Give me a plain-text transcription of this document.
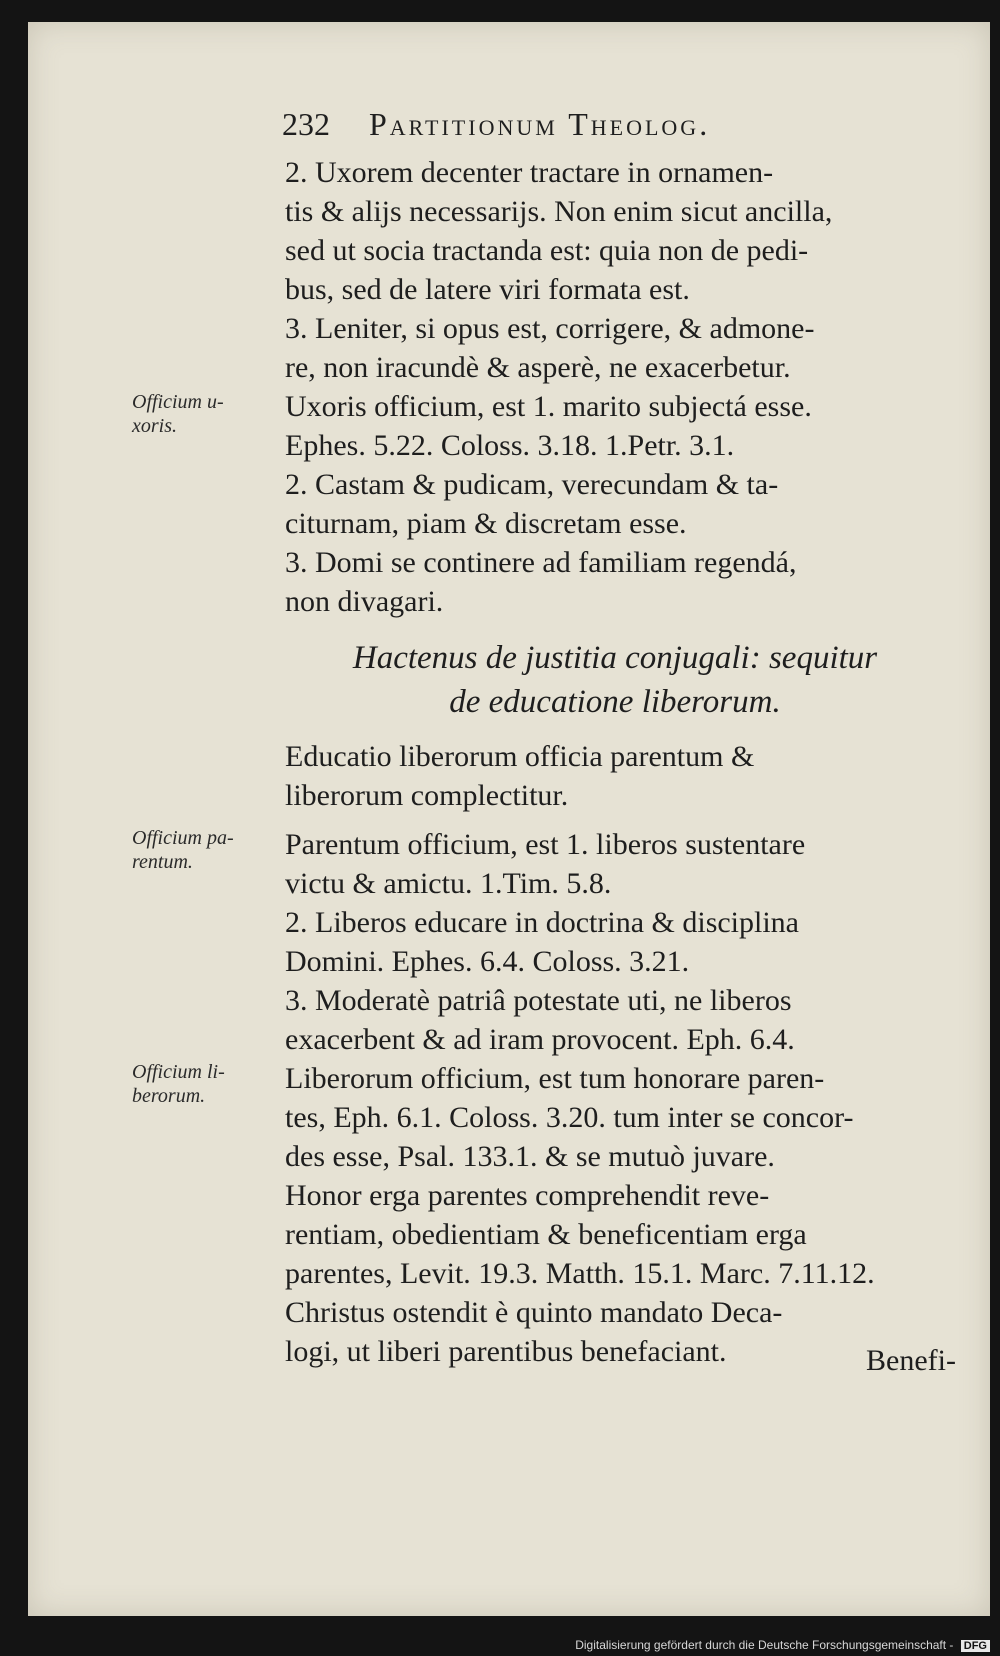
232 Partitionum Theolog.
2. Uxorem decenter tractare in ornamen-
tis & alijs necessarijs. Non enim sicut ancilla,
sed ut socia tractanda est: quia non de pedi-
bus, sed de latere viri formata est.
3. Leniter, si opus est, corrigere, & admone-
re, non iracundè & asperè, ne exacerbetur.
Uxoris officium, est 1. marito subjectá esse.
Ephes. 5.22. Coloss. 3.18. 1.Petr. 3.1.
2. Castam & pudicam, verecundam & ta-
citurnam, piam & discretam esse.
3. Domi se continere ad familiam regendá,
non divagari.
Hactenus de justitia conjugali: sequitur
de educatione liberorum.
Educatio liberorum officia parentum &
liberorum complectitur.
Parentum officium, est 1. liberos sustentare
victu & amictu. 1.Tim. 5.8.
2. Liberos educare in doctrina & disciplina
Domini. Ephes. 6.4. Coloss. 3.21.
3. Moderatè patriâ potestate uti, ne liberos
exacerbent & ad iram provocent. Eph. 6.4.
Liberorum officium, est tum honorare paren-
tes, Eph. 6.1. Coloss. 3.20. tum inter se concor-
des esse, Psal. 133.1. & se mutuò juvare.
Honor erga parentes comprehendit reve-
rentiam, obedientiam & beneficentiam erga
parentes, Levit. 19.3. Matth. 15.1. Marc. 7.11.12.
Christus ostendit è quinto mandato Deca-
logi, ut liberi parentibus benefaciant.
Officium u-
xoris.
Officium pa-
rentum.
Officium li-
berorum.
Benefi-
Digitalisierung gefördert durch die Deutsche Forschungsgemeinschaft - DFG
